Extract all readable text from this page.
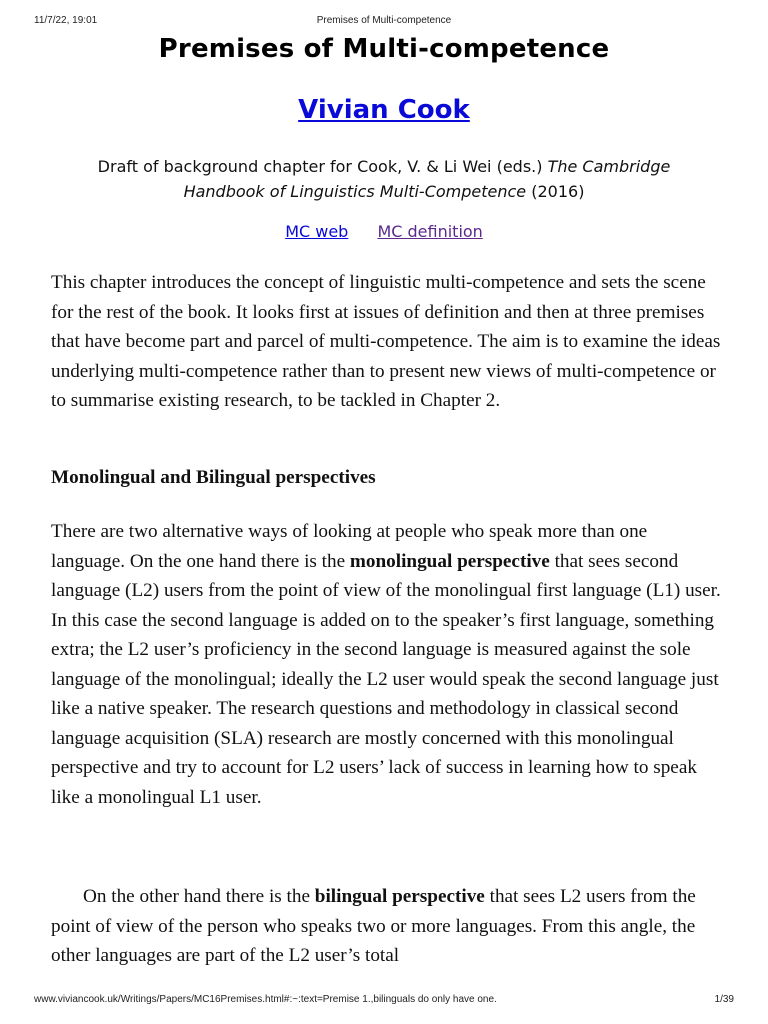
11/7/22, 19:01	Premises of Multi-competence
Premises of Multi-competence
Vivian Cook
Draft of background chapter for Cook, V. & Li Wei (eds.) The Cambridge Handbook of Linguistics Multi-Competence (2016)
MC web MC definition

This chapter introduces the concept of linguistic multi-competence and sets the scene for the rest of the book. It looks first at issues of definition and then at three premises that have become part and parcel of multi-competence. The aim is to examine the ideas underlying multi-competence rather than to present new views of multi-competence or to summarise existing research, to be tackled in Chapter 2.

Monolingual and Bilingual perspectives

There are two alternative ways of looking at people who speak more than one language. On the one hand there is the monolingual perspective that sees second language (L2) users from the point of view of the monolingual first language (L1) user. In this case the second language is added on to the speaker’s first language, something extra; the L2 user’s proficiency in the second language is measured against the sole language of the monolingual; ideally the L2 user would speak the second language just like a native speaker. The research questions and methodology in classical second language acquisition (SLA) research are mostly concerned with this monolingual perspective and try to account for L2 users’ lack of success in learning how to speak like a monolingual L1 user.

On the other hand there is the bilingual perspective that sees L2 users from the point of view of the person who speaks two or more languages. From this angle, the other languages are part of the L2 user’s total

www.viviancook.uk/Writings/Papers/MC16Premises.html#:~:text=Premise 1.,bilinguals do only have one.	1/39
